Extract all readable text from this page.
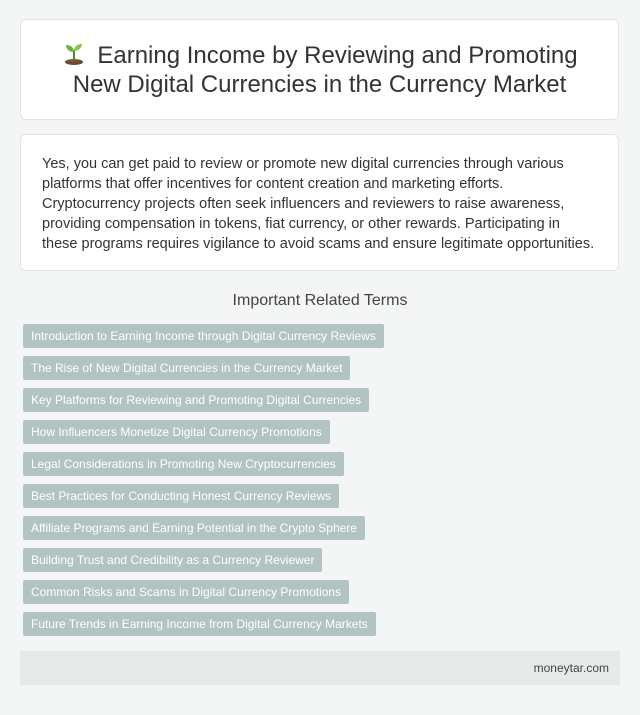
Earning Income by Reviewing and Promoting New Digital Currencies in the Currency Market

Yes, you can get paid to review or promote new digital currencies through various platforms that offer incentives for content creation and marketing efforts. Cryptocurrency projects often seek influencers and reviewers to raise awareness, providing compensation in tokens, fiat currency, or other rewards. Participating in these programs requires vigilance to avoid scams and ensure legitimate opportunities.

Important Related Terms
Introduction to Earning Income through Digital Currency Reviews
The Rise of New Digital Currencies in the Currency Market
Key Platforms for Reviewing and Promoting Digital Currencies
How Influencers Monetize Digital Currency Promotions
Legal Considerations in Promoting New Cryptocurrencies
Best Practices for Conducting Honest Currency Reviews
Affiliate Programs and Earning Potential in the Crypto Sphere
Building Trust and Credibility as a Currency Reviewer
Common Risks and Scams in Digital Currency Promotions
Future Trends in Earning Income from Digital Currency Markets
moneytar.com
